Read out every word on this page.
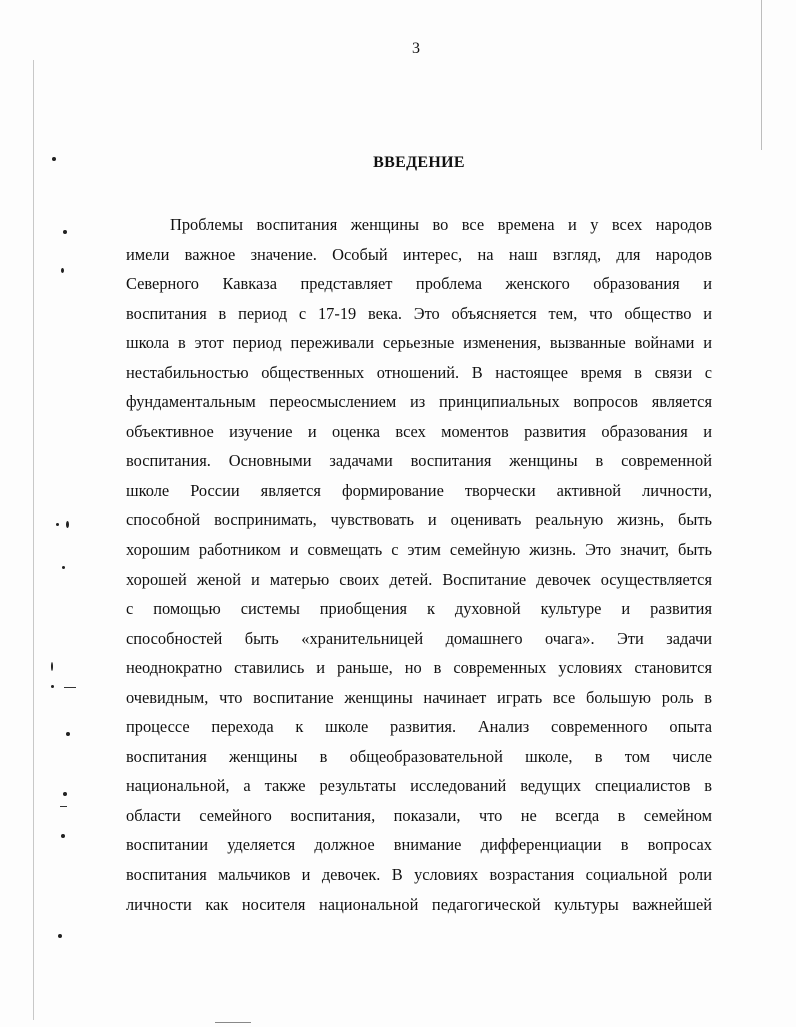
3
ВВЕДЕНИЕ
Проблемы воспитания женщины во все времена и у всех народов
имели важное значение. Особый интерес, на наш взгляд, для народов
Северного Кавказа представляет проблема женского образования и
воспитания в период с 17-19 века. Это объясняется тем, что общество и
школа в этот период переживали серьезные изменения, вызванные войнами и
нестабильностью общественных отношений. В настоящее время в связи с
фундаментальным переосмыслением из принципиальных вопросов является
объективное изучение и оценка всех моментов развития образования и
воспитания. Основными задачами воспитания женщины в современной
школе России является формирование творчески активной личности,
способной воспринимать, чувствовать и оценивать реальную жизнь, быть
хорошим работником и совмещать с этим семейную жизнь. Это значит, быть
хорошей женой и матерью своих детей. Воспитание девочек осуществляется
с помощью системы приобщения к духовной культуре и развития
способностей быть «хранительницей домашнего очага». Эти задачи
неоднократно ставились и раньше, но в современных условиях становится
очевидным, что воспитание женщины начинает играть все большую роль в
процессе перехода к школе развития. Анализ современного опыта
воспитания женщины в общеобразовательной школе, в том числе
национальной, а также результаты исследований ведущих специалистов в
области семейного воспитания, показали, что не всегда в семейном
воспитании уделяется должное внимание дифференциации в вопросах
воспитания мальчиков и девочек. В условиях возрастания социальной роли
личности как носителя национальной педагогической культуры важнейшей
